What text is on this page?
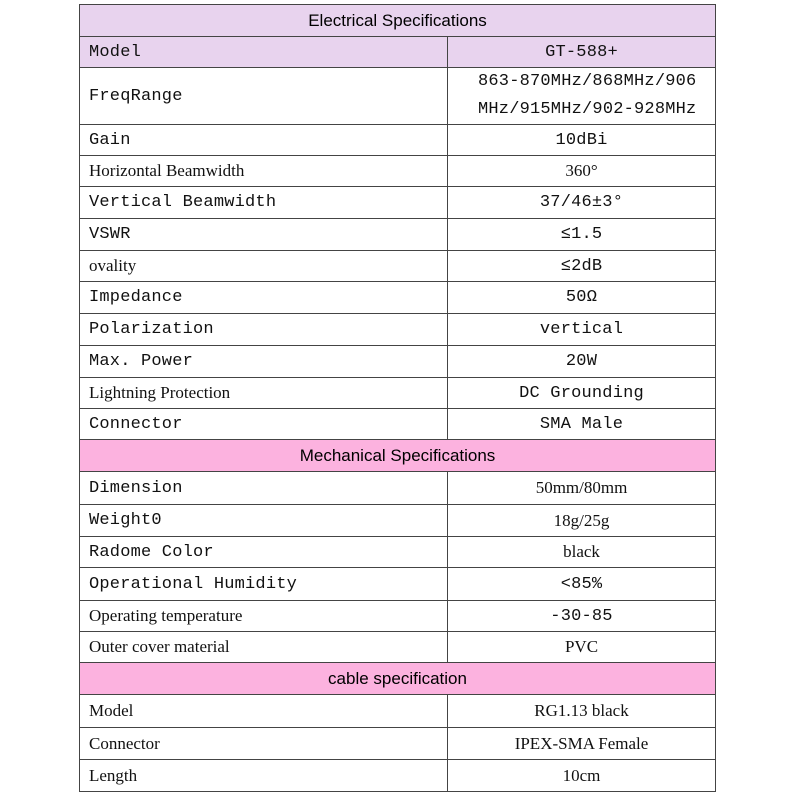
Electrical Specifications	
Model	GT-588+
FreqRange	863-870MHz/868MHz/906MHz/915MHz/902-928MHz
Gain	10dBi
Horizontal Beamwidth	360°
Vertical Beamwidth	37/46±3°
VSWR	≤1.5
ovality	≤2dB
Impedance	50Ω
Polarization	vertical
Max. Power	20W
Lightning Protection	DC Grounding
Connector	SMA Male
Mechanical Specifications	
Dimension	50mm/80mm
Weight0	18g/25g
Radome Color	black
Operational Humidity	<85%
Operating temperature	-30-85
Outer cover material	PVC
cable specification	
Model	RG1.13 black
Connector	IPEX-SMA Female
Length	10cm
